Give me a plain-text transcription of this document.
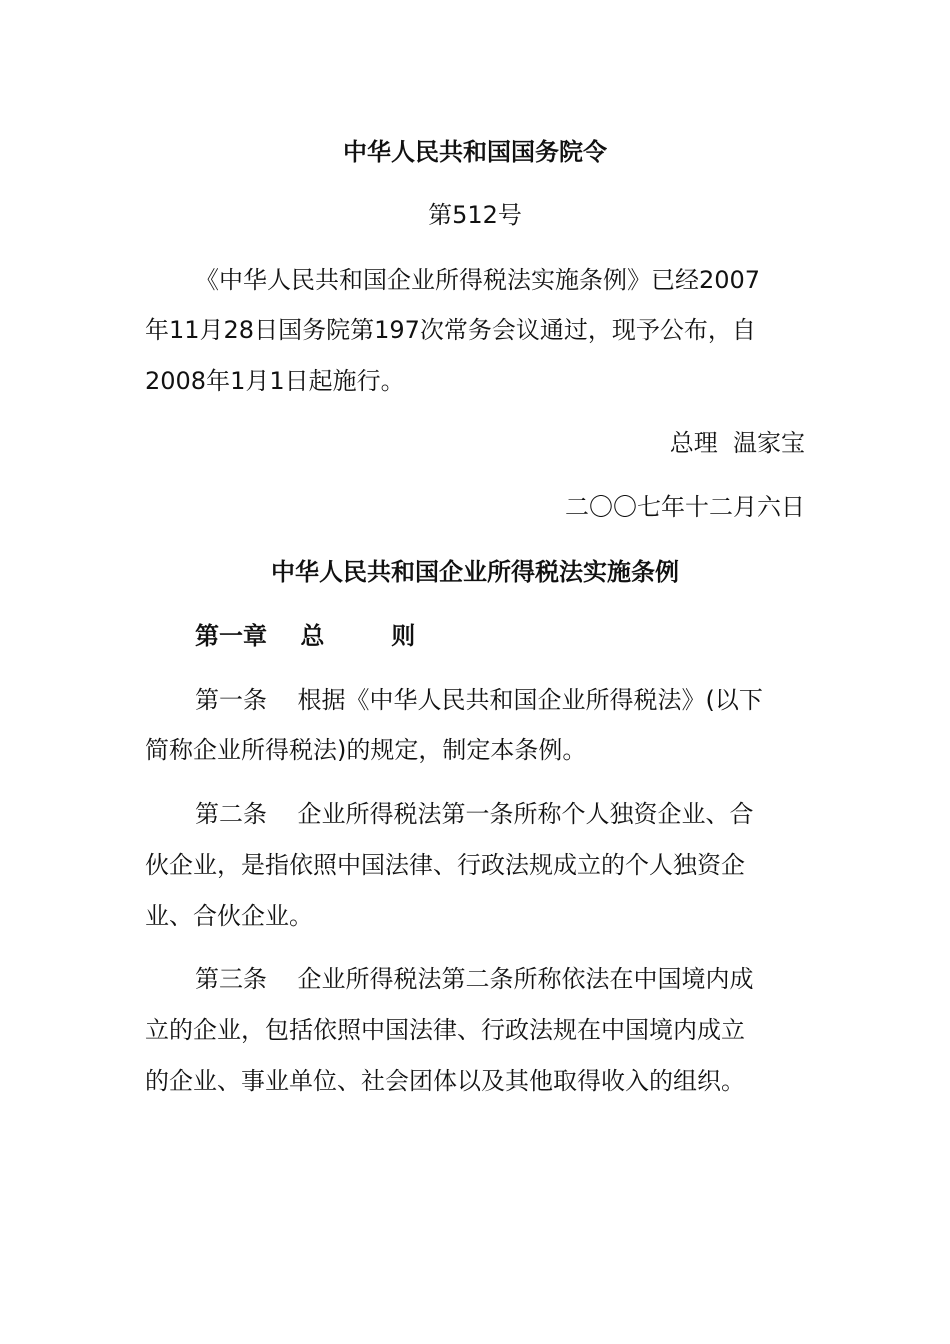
中华人民共和国国务院令
第512号
《中华人民共和国企业所得税法实施条例》已经2007
年11月28日国务院第197次常务会议通过，现予公布，自
2008年1月1日起施行。
总理  温家宝
二〇〇七年十二月六日
中华人民共和国企业所得税法实施条例
第一章    总        则
第一条    根据《中华人民共和国企业所得税法》(以下
简称企业所得税法)的规定，制定本条例。
第二条    企业所得税法第一条所称个人独资企业、合
伙企业，是指依照中国法律、行政法规成立的个人独资企
业、合伙企业。
第三条    企业所得税法第二条所称依法在中国境内成
立的企业，包括依照中国法律、行政法规在中国境内成立
的企业、事业单位、社会团体以及其他取得收入的组织。
